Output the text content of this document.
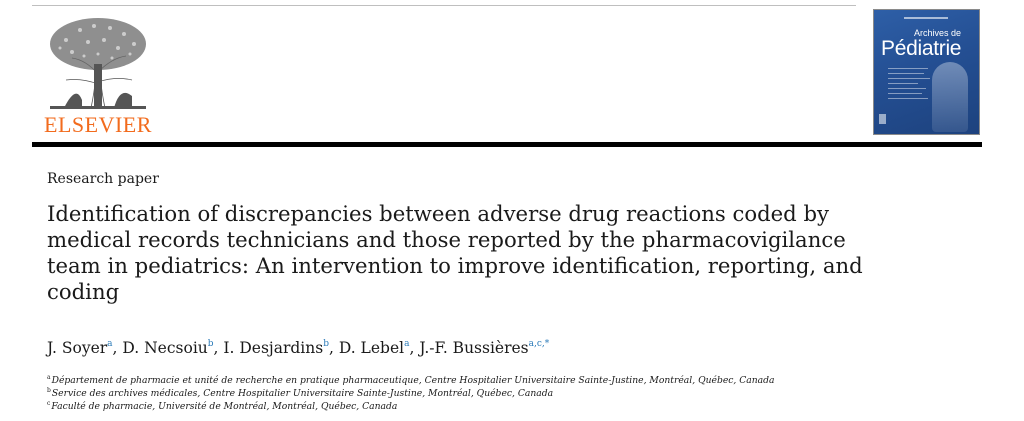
ELSEVIER
Archives de
Pédiatrie
Research paper
Identification of discrepancies between adverse drug reactions coded by medical records technicians and those reported by the pharmacovigilance team in pediatrics: An intervention to improve identification, reporting, and coding
J. Soyer$^a$, D. Necsoiu$^b$, I. Desjardins$^b$, D. Lebel$^a$, J.-F. Bussières$^{a,c,*}$
$^a$Département de pharmacie et unité de recherche en pratique pharmaceutique, Centre Hospitalier Universitaire Sainte-Justine, Montréal, Québec, Canada
$^b$Service des archives médicales, Centre Hospitalier Universitaire Sainte-Justine, Montréal, Québec, Canada
$^c$Faculté de pharmacie, Université de Montréal, Montréal, Québec, Canada
